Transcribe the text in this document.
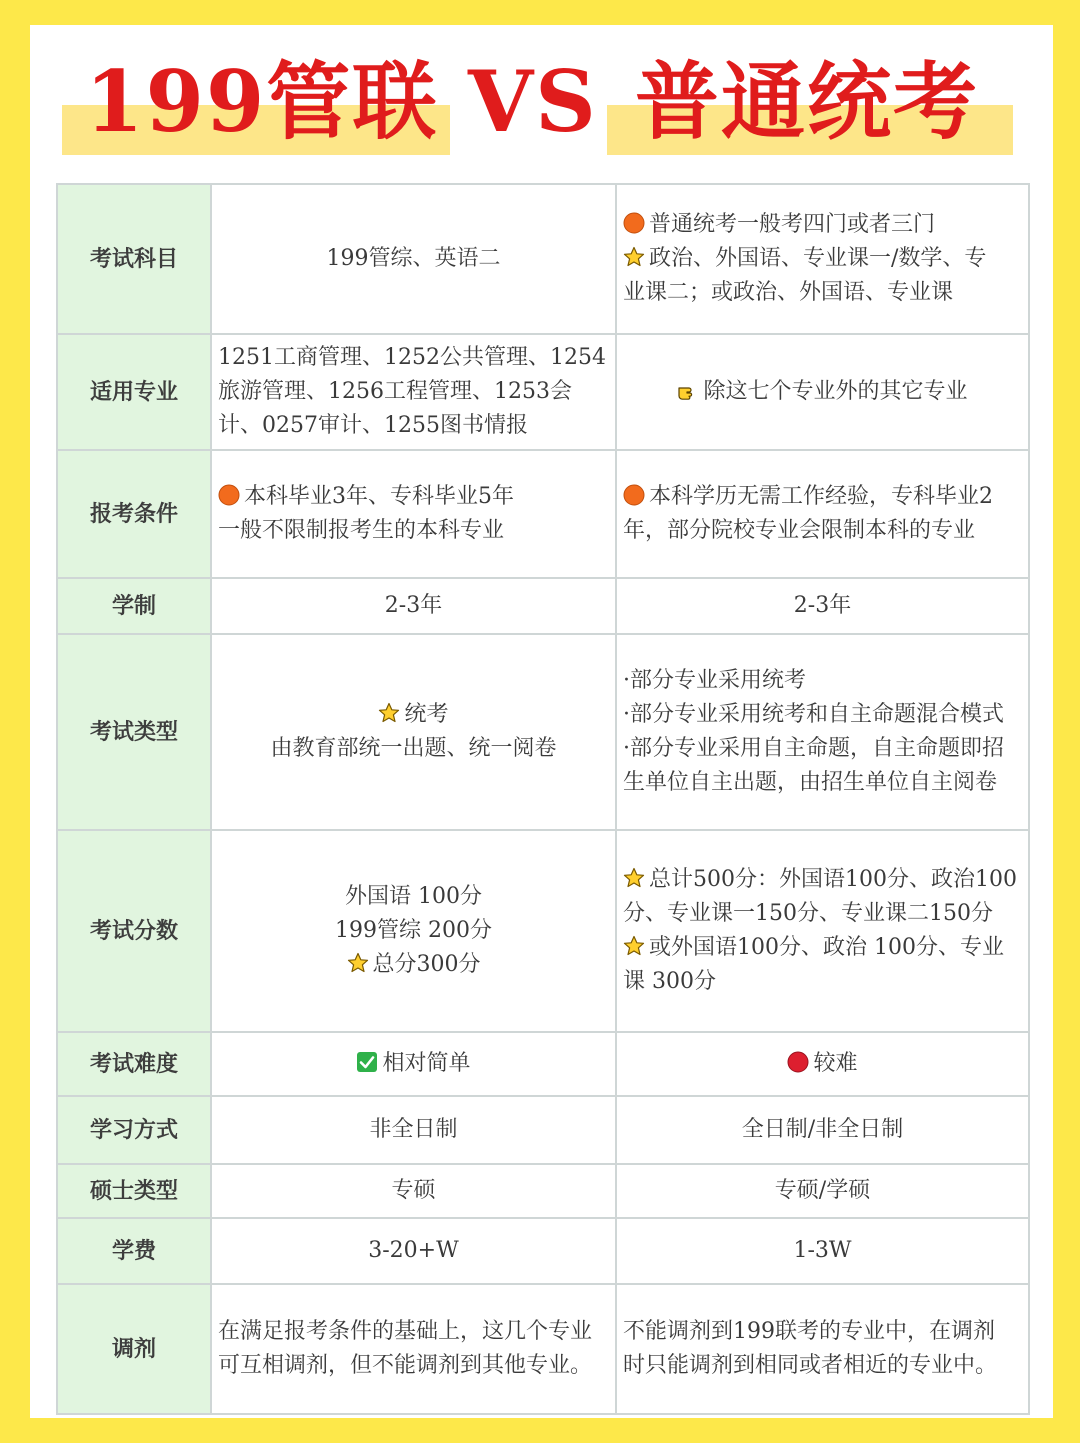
199管联 VS 普通统考
考试科目	199管综、英语二	普通统考一般考四门或者三门
政治、外国语、专业课一/数学、专
业课二；或政治、外国语、专业课

适用专业	1251工商管理、1252公共管理、1254
旅游管理、1256工程管理、1253会
计、0257审计、1255图书情报	除这七个专业外的其它专业

报考条件	本科毕业3年、专科毕业5年
一般不限制报考生的本科专业	本科学历无需工作经验，专科毕业2
年，部分院校专业会限制本科的专业

学制	2-3年	2-3年

考试类型	统考
由教育部统一出题、统一阅卷	·部分专业采用统考
·部分专业采用统考和自主命题混合模式
·部分专业采用自主命题，自主命题即招
生单位自主出题，由招生单位自主阅卷

考试分数	外国语 100分
199管综 200分
总分300分	总计500分：外国语100分、政治100
分、专业课一150分、专业课二150分
或外国语100分、政治 100分、专业
课 300分

考试难度	相对简单	较难

学习方式	非全日制	全日制/非全日制

硕士类型	专硕	专硕/学硕

学费	3-20+W	1-3W

调剂	在满足报考条件的基础上，这几个专业
可互相调剂，但不能调剂到其他专业。	不能调剂到199联考的专业中，在调剂
时只能调剂到相同或者相近的专业中。
